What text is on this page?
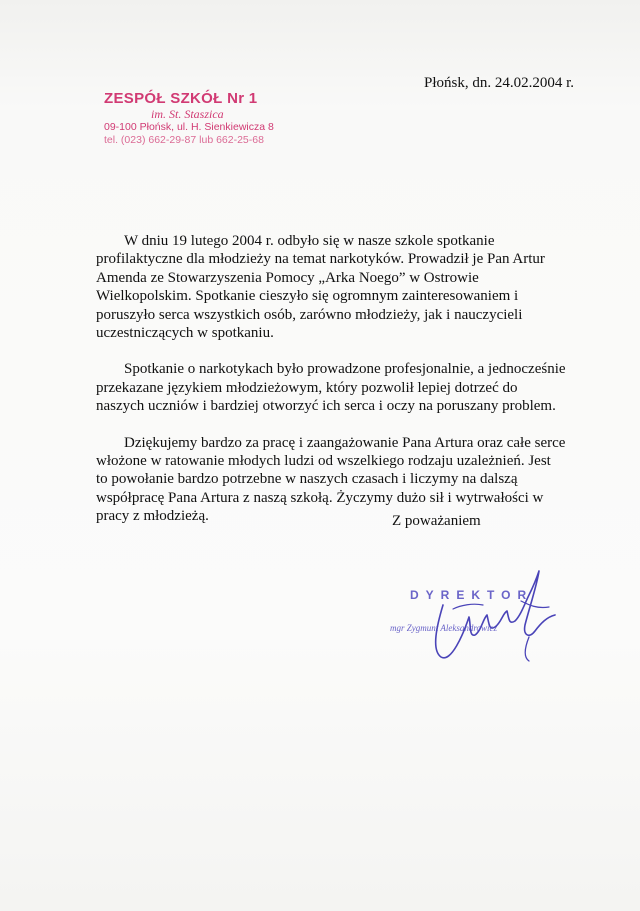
Płońsk, dn. 24.02.2004 r.
ZESPÓŁ SZKÓŁ Nr 1
im. St. Staszica
09-100 Płońsk, ul. H. Sienkiewicza 8
tel. (023) 662-29-87 lub 662-25-68

W dniu 19 lutego 2004 r. odbyło się w nasze szkole spotkanie profilaktyczne dla młodzieży na temat narkotyków. Prowadził je Pan Artur Amenda ze Stowarzyszenia Pomocy „Arka Noego” w Ostrowie Wielkopolskim. Spotkanie cieszyło się ogromnym zainteresowaniem i poruszyło serca wszystkich osób, zarówno młodzieży, jak i nauczycieli uczestniczących w spotkaniu.

Spotkanie o narkotykach było prowadzone profesjonalnie, a jednocześnie przekazane językiem młodzieżowym, który pozwolił lepiej dotrzeć do naszych uczniów i bardziej otworzyć ich serca i oczy na poruszany problem.

Dziękujemy bardzo za pracę i zaangażowanie Pana Artura oraz całe serce włożone w ratowanie młodych ludzi od wszelkiego rodzaju uzależnień. Jest to powołanie bardzo potrzebne w naszych czasach i liczymy na dalszą współpracę Pana Artura z naszą szkołą. Życzymy dużo sił i wytrwałości w pracy z młodzieżą.	Z poważaniem
DYREKTOR
mgr Zygmunt Aleksandrowicz
